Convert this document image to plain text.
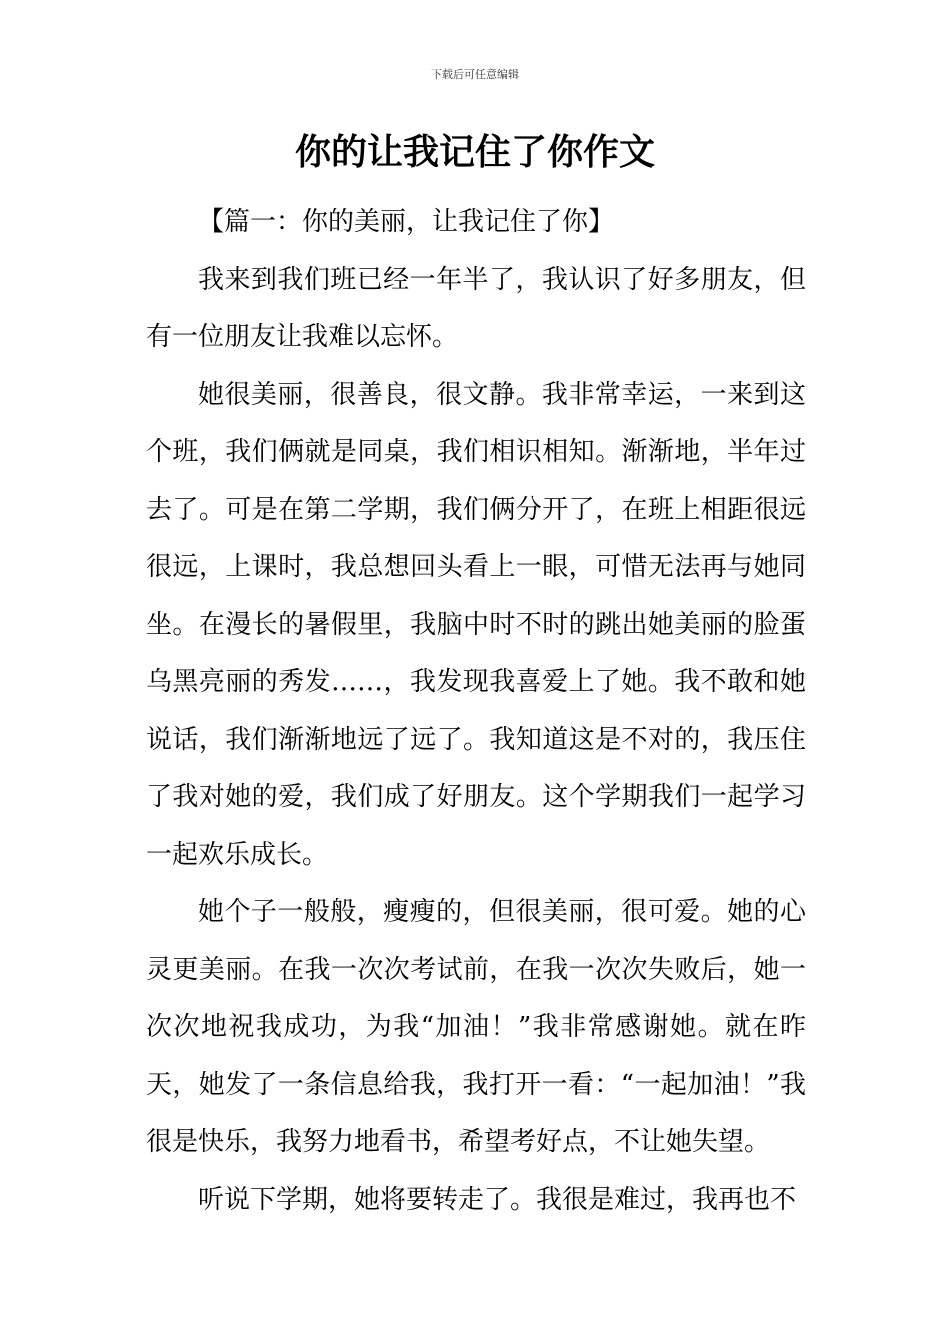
下载后可任意编辑
你的让我记住了你作文

【篇一：你的美丽，让我记住了你】

我来到我们班已经一年半了，我认识了好多朋友，但有一位朋友让我难以忘怀。

她很美丽，很善良，很文静。我非常幸运，一来到这个班，我们俩就是同桌，我们相识相知。渐渐地，半年过去了。可是在第二学期，我们俩分开了，在班上相距很远很远，上课时，我总想回头看上一眼，可惜无法再与她同坐。在漫长的暑假里，我脑中时不时的跳出她美丽的脸蛋乌黑亮丽的秀发……，我发现我喜爱上了她。我不敢和她说话，我们渐渐地远了远了。我知道这是不对的，我压住了我对她的爱，我们成了好朋友。这个学期我们一起学习一起欢乐成长。

她个子一般般，瘦瘦的，但很美丽，很可爱。她的心灵更美丽。在我一次次考试前，在我一次次失败后，她一次次地祝我成功，为我“加油！”我非常感谢她。就在昨天，她发了一条信息给我，我打开一看：“一起加油！”我很是快乐，我努力地看书，希望考好点，不让她失望。

听说下学期，她将要转走了。我很是难过，我再也不
